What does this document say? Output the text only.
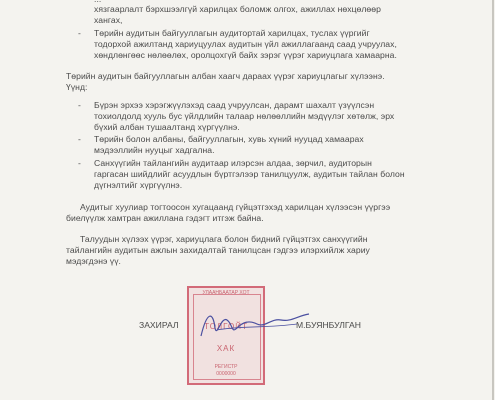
хязгаарлалт бэрхшээлгүй харилцах боломж олгох, ажиллах нөхцөлөөр
хангах,
- Төрийн аудитын байгууллагын аудитортай харилцах, туслах үүргийг
тодорхой ажилтанд хариуцуулах аудитын үйл ажиллагаанд саад учруулах,
хөндлөнгөөс нөлөөлөх, оролцохгүй байх зэрэг үүрэг хариуцлага хамаарна.
Төрийн аудитын байгууллагын албан хаагч дараах үүрэг хариуцлагыг хүлээнэ.
Үүнд:
- Бүрэн эрхээ хэрэгжүүлэхэд саад учруулсан, дарамт шахалт үзүүлсэн
тохиолдолд хууль бус үйлдлийн талаар нөлөөллийн мэдүүлэг хөтөлж, эрх
бүхий албан тушаалтанд хүргүүлнэ.
- Төрийн болон албаны, байгууллагын, хувь хүний нууцад хамаарах
мэдээллийн нууцыг хадгална.
- Санхүүгийн тайлангийн аудитаар илэрсэн алдаа, зөрчил, аудиторын
гаргасан шийдлийг асуудлын бүртгэлээр танилцуулж, аудитын тайлан болон
дүгнэлтийг хүргүүлнэ.
Аудитыг хуулиар тогтоосон хугацаанд гүйцэтгэхэд харилцан хүлээсэн үүргээ
биелүүлж хамтран ажиллана гэдэгт итгэж байна.
Талуудын хүлээх үүрэг, хариуцлага болон бидний гүйцэтгэх санхүүгийн
тайлангийн аудитын ажлын захидалтай танилцсан гэдгээ илэрхийлж хариу
мэдэгдэнэ үү.
УЛААНБААТАР ХОТ
ТОЛГОЙТ
ХАК
РЕГИСТР
0000000
ЗАХИРАЛ	М.БУЯНБУЛГАН
